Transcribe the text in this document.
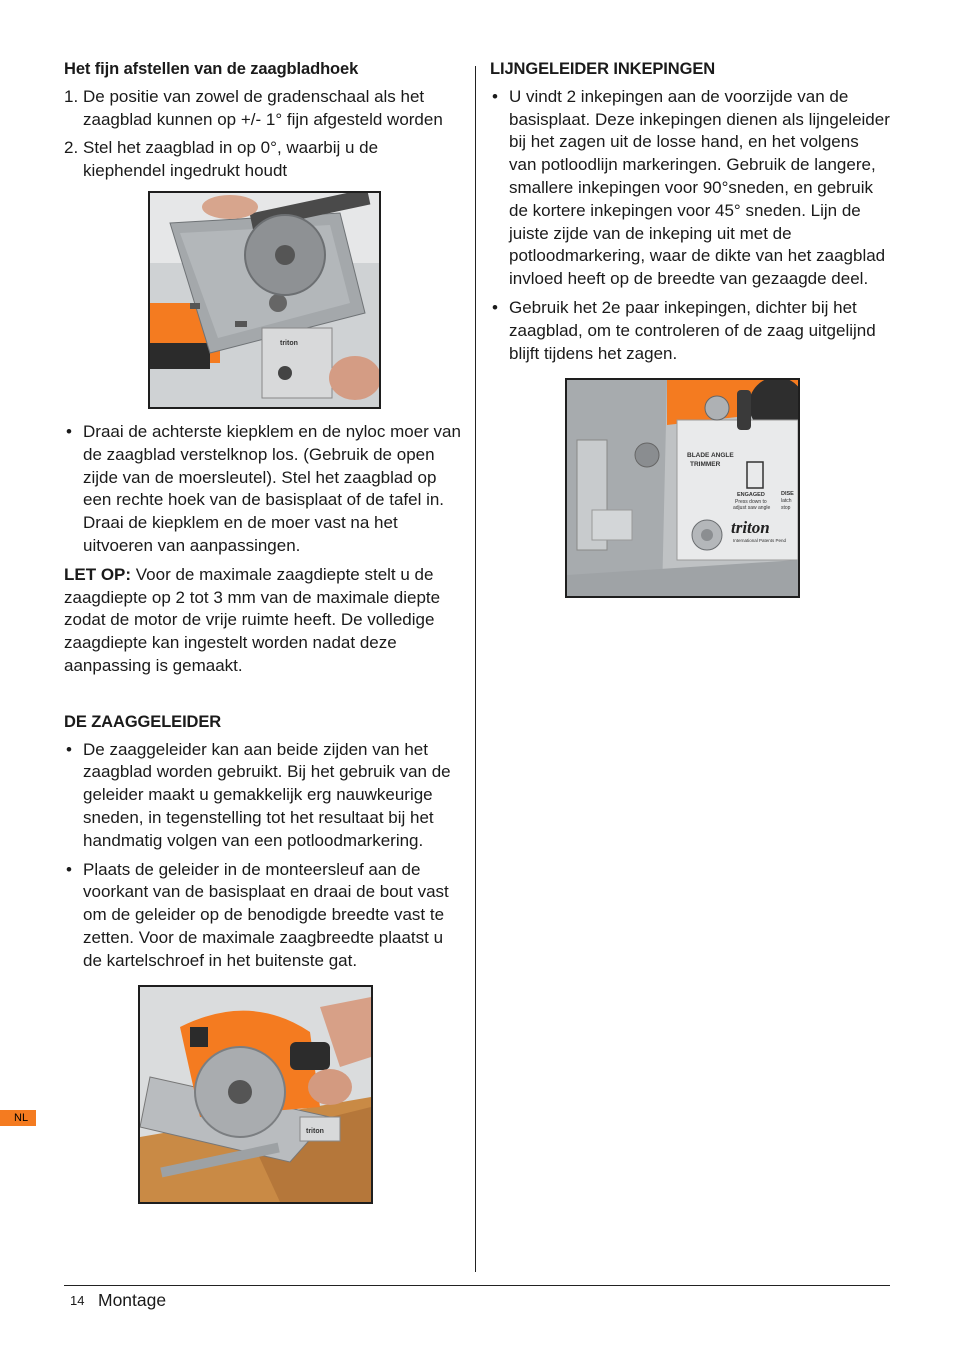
Het fijn afstellen van de zaagbladhoek
1. De positie van zowel de gradenschaal als het zaagblad kunnen op +/- 1° fijn afgesteld worden
2. Stel het zaagblad in op 0°, waarbij u de kiephendel ingedrukt houdt
triton
• Draai de achterste kiepklem en de nyloc moer van de zaagblad verstelknop los. (Gebruik de open zijde van de moersleutel). Stel het zaagblad op een rechte hoek van de basisplaat of de tafel in. Draai de kiepklem en de moer vast na het uitvoeren van aanpassingen.

LET OP: Voor de maximale zaagdiepte stelt u de zaagdiepte op 2 tot 3 mm van de maximale diepte zodat de motor de vrije ruimte heeft. De volledige zaagdiepte kan ingestelt worden nadat deze aanpassing is gemaakt.

DE ZAAGGELEIDER
• De zaaggeleider kan aan beide zijden van het zaagblad worden gebruikt. Bij het gebruik van de geleider maakt u gemakkelijk erg nauwkeurige sneden, in tegenstelling tot het resultaat bij het handmatig volgen van een potloodmarkering.
• Plaats de geleider in de monteersleuf aan de voorkant van de basisplaat en draai de bout vast om de geleider op de benodigde breedte vast te zetten. Voor de maximale zaagbreedte plaatst u de kartelschroef in het buitenste gat.
triton
LIJNGELEIDER INKEPINGEN
• U vindt 2 inkepingen aan de voorzijde van de basisplaat. Deze inkepingen dienen als lijngeleider bij het zagen uit de losse hand, en het volgens van potloodlijn markeringen. Gebruik de langere, smallere inkepingen voor 90°sneden, en gebruik de kortere inkepingen voor 45° sneden. Lijn de juiste zijde van de inkeping uit met de potloodmarkering, waar de dikte van het zaagblad invloed heeft op de breedte van gezaagde deel.
• Gebruik het 2e paar inkepingen, dichter bij het zaagblad, om te controleren of de zaag uitgelijnd blijft tijdens het zagen.
BLADE ANGLE
TRIMMER
ENGAGED
Press down to
adjust saw angle
DISE
latch
stop
triton
International Patents Pend
NL
14 Montage
